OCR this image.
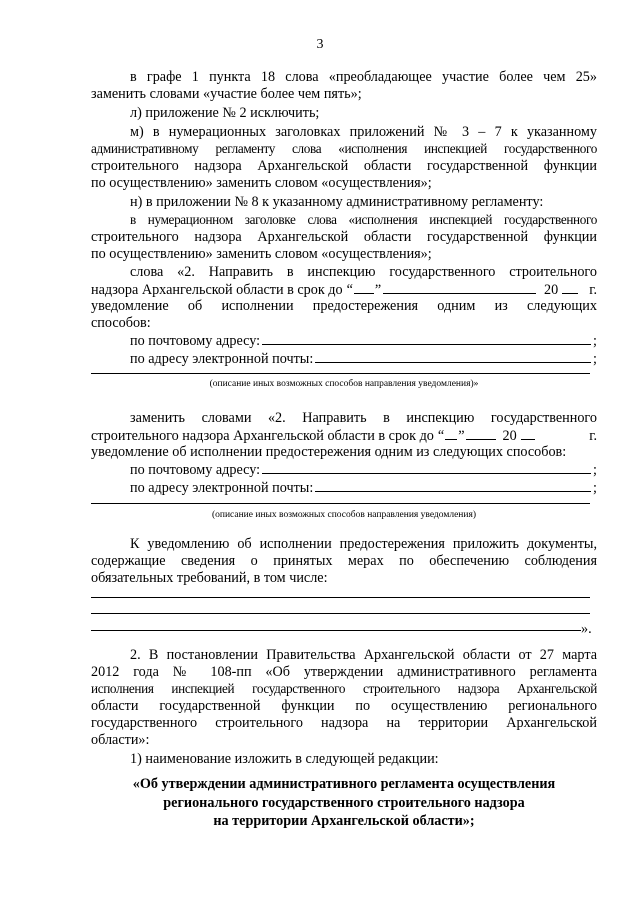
3
в графе 1 пункта 18 слова «преобладающее участие более чем 25»
заменить словами «участие более чем пять»;
л) приложение № 2 исключить;
м) в нумерационных заголовках приложений № 3 – 7 к указанному
административному регламенту слова «исполнения инспекцией государственного
строительного надзора Архангельской области государственной функции
по осуществлению» заменить словом «осуществления»;
н) в приложении № 8 к указанному административному регламенту:
в нумерационном заголовке слова «исполнения инспекцией государственного
строительного надзора Архангельской области государственной функции
по осуществлению» заменить словом «осуществления»;
слова «2. Направить в инспекцию государственного строительного
надзора Архангельской области в срок до “ ”	20 г.
уведомление об исполнении предостережения одним из следующих
способов:
по почтовому адресу:	;
по адресу электронной почты:	;
(описание иных возможных способов направления уведомления)»
заменить словами «2. Направить в инспекцию государственного
строительного надзора Архангельской области в срок до “ ”	20	г.
уведомление об исполнении предостережения одним из следующих способов:
по почтовому адресу:	;
по адресу электронной почты:	;
(описание иных возможных способов направления уведомления)
К уведомлению об исполнении предостережения приложить документы,
содержащие сведения о принятых мерах по обеспечению соблюдения
обязательных требований, в том числе:
».
2. В постановлении Правительства Архангельской области от 27 марта
2012 года № 108-пп «Об утверждении административного регламента
исполнения инспекцией государственного строительного надзора Архангельской
области государственной функции по осуществлению регионального
государственного строительного надзора на территории Архангельской
области»:
1) наименование изложить в следующей редакции:
«Об утверждении административного регламента осуществления
регионального государственного строительного надзора
на территории Архангельской области»;
